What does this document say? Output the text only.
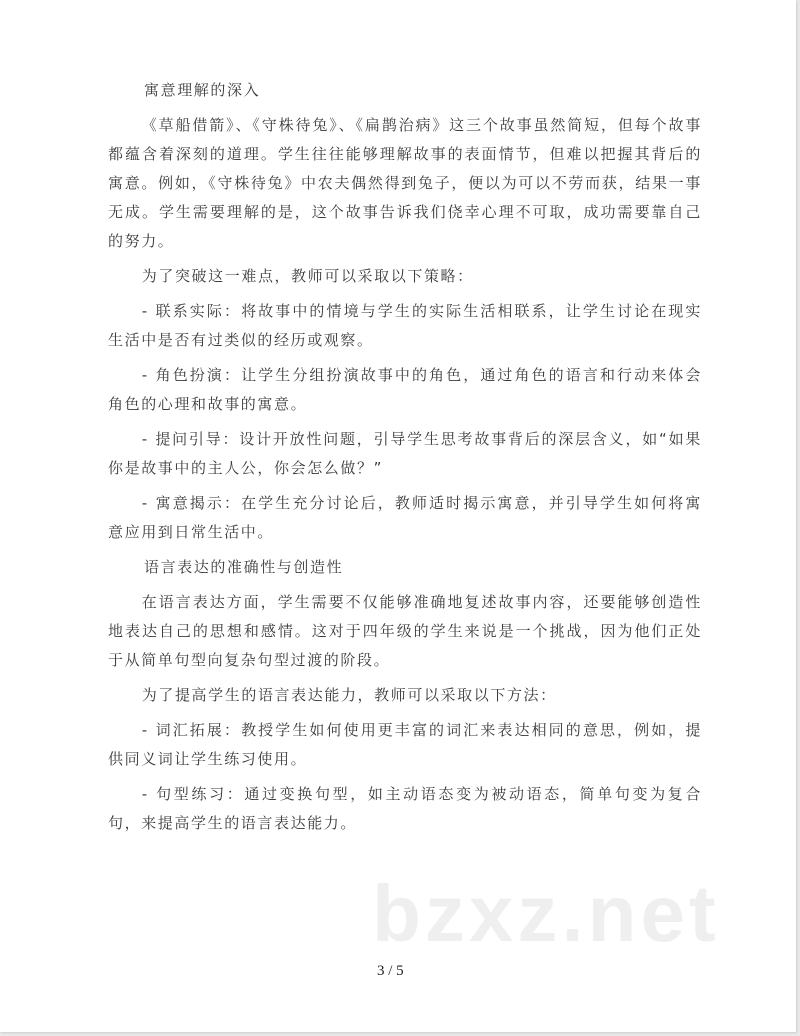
寓意理解的深入

《草船借箭》、《守株待兔》、《扁鹊治病》这三个故事虽然简短，但每个故事都蕴含着深刻的道理。学生往往能够理解故事的表面情节，但难以把握其背后的寓意。例如，《守株待兔》中农夫偶然得到兔子，便以为可以不劳而获，结果一事无成。学生需要理解的是，这个故事告诉我们侥幸心理不可取，成功需要靠自己的努力。

为了突破这一难点，教师可以采取以下策略：

- 联系实际：将故事中的情境与学生的实际生活相联系，让学生讨论在现实生活中是否有过类似的经历或观察。

- 角色扮演：让学生分组扮演故事中的角色，通过角色的语言和行动来体会角色的心理和故事的寓意。

- 提问引导：设计开放性问题，引导学生思考故事背后的深层含义，如“如果你是故事中的主人公，你会怎么做？”

- 寓意揭示：在学生充分讨论后，教师适时揭示寓意，并引导学生如何将寓意应用到日常生活中。

语言表达的准确性与创造性

在语言表达方面，学生需要不仅能够准确地复述故事内容，还要能够创造性地表达自己的思想和感情。这对于四年级的学生来说是一个挑战，因为他们正处于从简单句型向复杂句型过渡的阶段。

为了提高学生的语言表达能力，教师可以采取以下方法：

- 词汇拓展：教授学生如何使用更丰富的词汇来表达相同的意思，例如，提供同义词让学生练习使用。

- 句型练习：通过变换句型，如主动语态变为被动语态，简单句变为复合句，来提高学生的语言表达能力。

bzxz.net
3 / 5
